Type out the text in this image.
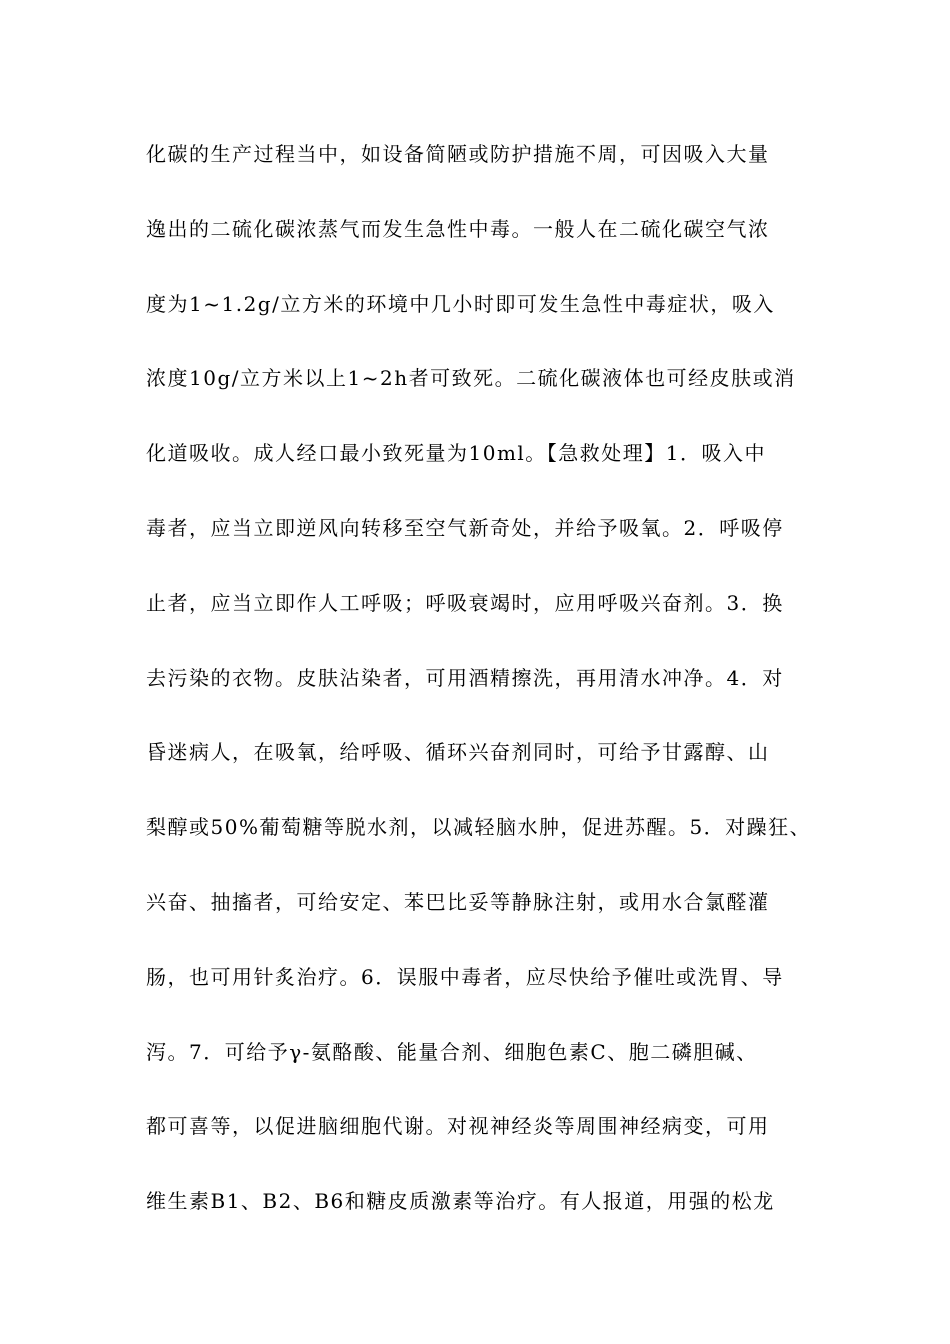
化碳的生产过程当中，如设备简陋或防护措施不周，可因吸入大量
逸出的二硫化碳浓蒸气而发生急性中毒。一般人在二硫化碳空气浓
度为1~1.2g/立方米的环境中几小时即可发生急性中毒症状，吸入
浓度10g/立方米以上1~2h者可致死。二硫化碳液体也可经皮肤或消
化道吸收。成人经口最小致死量为10ml。【急救处理】1．吸入中
毒者，应当立即逆风向转移至空气新奇处，并给予吸氧。2．呼吸停
止者，应当立即作人工呼吸；呼吸衰竭时，应用呼吸兴奋剂。3．换
去污染的衣物。皮肤沾染者，可用酒精擦洗，再用清水冲净。4．对
昏迷病人，在吸氧，给呼吸、循环兴奋剂同时，可给予甘露醇、山
梨醇或50%葡萄糖等脱水剂，以减轻脑水肿，促进苏醒。5．对躁狂、
兴奋、抽搐者，可给安定、苯巴比妥等静脉注射，或用水合氯醛灌
肠，也可用针炙治疗。6．误服中毒者，应尽快给予催吐或洗胃、导
泻。7．可给予γ-氨酪酸、能量合剂、细胞色素C、胞二磷胆碱、
都可喜等，以促进脑细胞代谢。对视神经炎等周围神经病变，可用
维生素B1、B2、B6和糖皮质激素等治疗。有人报道，用强的松龙
